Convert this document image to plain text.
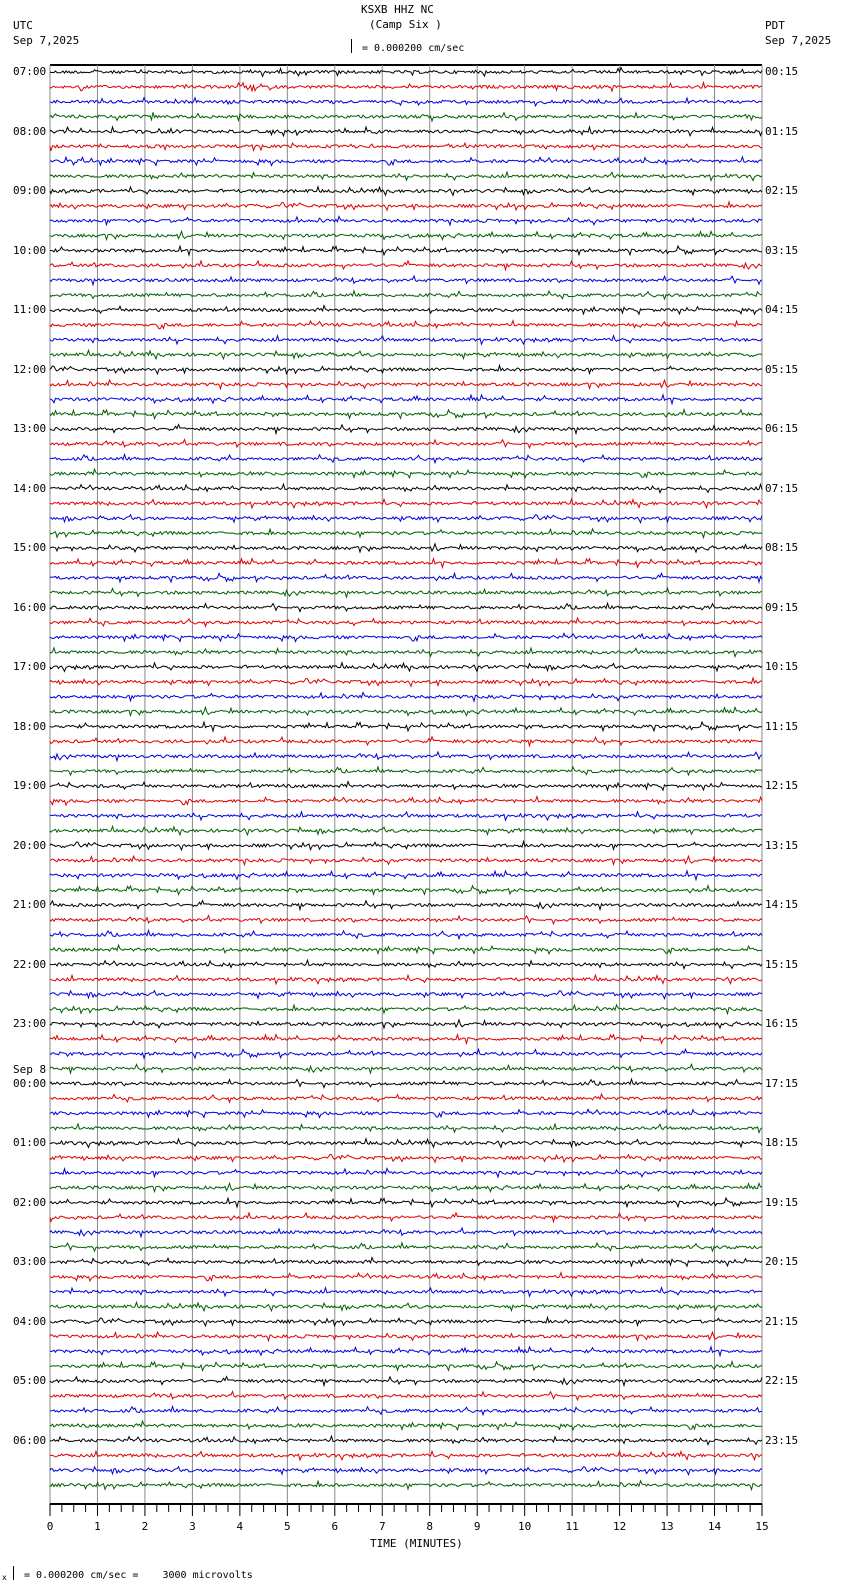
KSXB HHZ NC
(Camp Six )
UTC
Sep 7,2025
PDT
Sep 7,2025
= 0.000200 cm/sec
0	1	2	3	4	5	6	7	8	9	10	11	12	13	14	15
07:00
08:00
09:00
10:00
11:00
12:00
13:00
14:00
15:00
16:00
17:00
18:00
19:00
20:00
21:00
22:00
23:00
00:00
Sep 8
01:00
02:00
03:00
04:00
05:00
06:00
00:15
01:15
02:15
03:15
04:15
05:15
06:15
07:15
08:15
09:15
10:15
11:15
12:15
13:15
14:15
15:15
16:15
17:15
18:15
19:15
20:15
21:15
22:15
23:15
TIME (MINUTES)
x = 0.000200 cm/sec =    3000 microvolts
